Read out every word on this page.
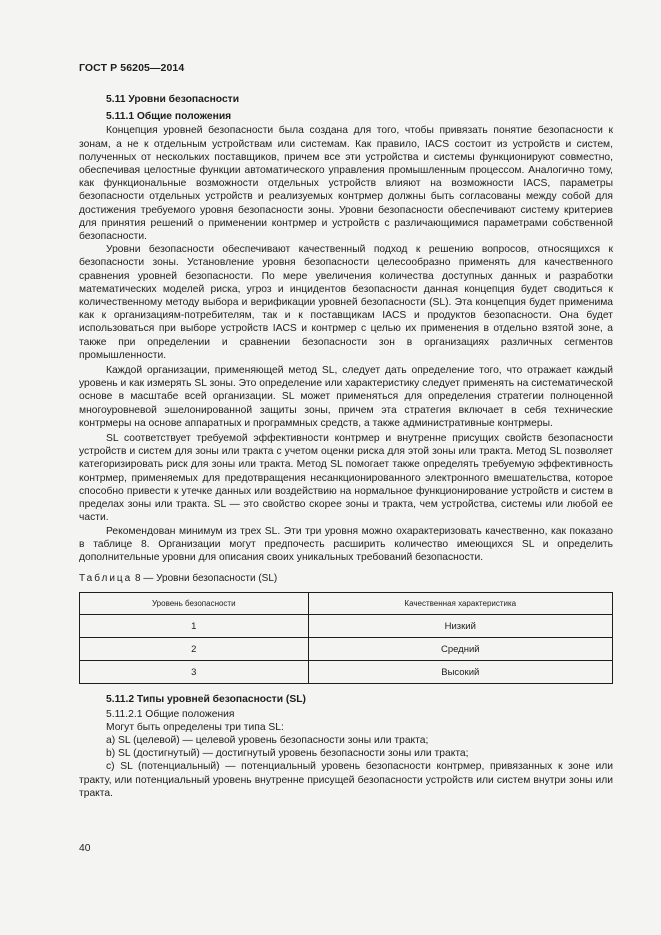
ГОСТ Р 56205—2014
5.11 Уровни безопасности
5.11.1 Общие положения

Концепция уровней безопасности была создана для того, чтобы привязать понятие безопасности к зонам, а не к отдельным устройствам или системам. Как правило, IACS состоит из устройств и систем, полученных от нескольких поставщиков, причем все эти устройства и системы функционируют совместно, обеспечивая целостные функции автоматического управления промышленным процессом. Аналогично тому, как функциональные возможности отдельных устройств влияют на возможности IACS, параметры безопасности отдельных устройств и реализуемых контрмер должны быть согласованы между собой для достижения требуемого уровня безопасности зоны. Уровни безопасности обеспечивают систему критериев для принятия решений о применении контрмер и устройств с различающимися параметрами собственной безопасности.

Уровни безопасности обеспечивают качественный подход к решению вопросов, относящихся к безопасности зоны. Установление уровня безопасности целесообразно применять для качественного сравнения уровней безопасности. По мере увеличения количества доступных данных и разработки математических моделей риска, угроз и инцидентов безопасности данная концепция будет сводиться к количественному методу выбора и верификации уровней безопасности (SL). Эта концепция будет применима как к организациям-потребителям, так и к поставщикам IACS и продуктов безопасности. Она будет использоваться при выборе устройств IACS и контрмер с целью их применения в отдельно взятой зоне, а также при определении и сравнении безопасности зон в организациях различных сегментов промышленности.

Каждой организации, применяющей метод SL, следует дать определение того, что отражает каждый уровень и как измерять SL зоны. Это определение или характеристику следует применять на систематической основе в масштабе всей организации. SL может применяться для определения стратегии полноценной многоуровневой эшелонированной защиты зоны, причем эта стратегия включает в себя технические контрмеры на основе аппаратных и программных средств, а также административные контрмеры.

SL соответствует требуемой эффективности контрмер и внутренне присущих свойств безопасности устройств и систем для зоны или тракта с учетом оценки риска для этой зоны или тракта. Метод SL позволяет категоризировать риск для зоны или тракта. Метод SL помогает также определять требуемую эффективность контрмер, применяемых для предотвращения несанкционированного электронного вмешательства, которое способно привести к утечке данных или воздействию на нормальное функционирование устройств и систем в пределах зоны или тракта. SL — это свойство скорее зоны и тракта, чем устройства, системы или любой ее части.

Рекомендован минимум из трех SL. Эти три уровня можно охарактеризовать качественно, как показано в таблице 8. Организации могут предпочесть расширить количество имеющихся SL и определить дополнительные уровни для описания своих уникальных требований безопасности.

Таблица 8 — Уровни безопасности (SL)
Уровень безопасности	Качественная характеристика
1	Низкий
2	Средний
3	Высокий
5.11.2 Типы уровней безопасности (SL)
5.11.2.1 Общие положения

Могут быть определены три типа SL:

a) SL (целевой) — целевой уровень безопасности зоны или тракта;

b) SL (достигнутый) — достигнутый уровень безопасности зоны или тракта;

c) SL (потенциальный) — потенциальный уровень безопасности контрмер, привязанных к зоне или тракту, или потенциальный уровень внутренне присущей безопасности устройств или систем внутри зоны или тракта.

40
